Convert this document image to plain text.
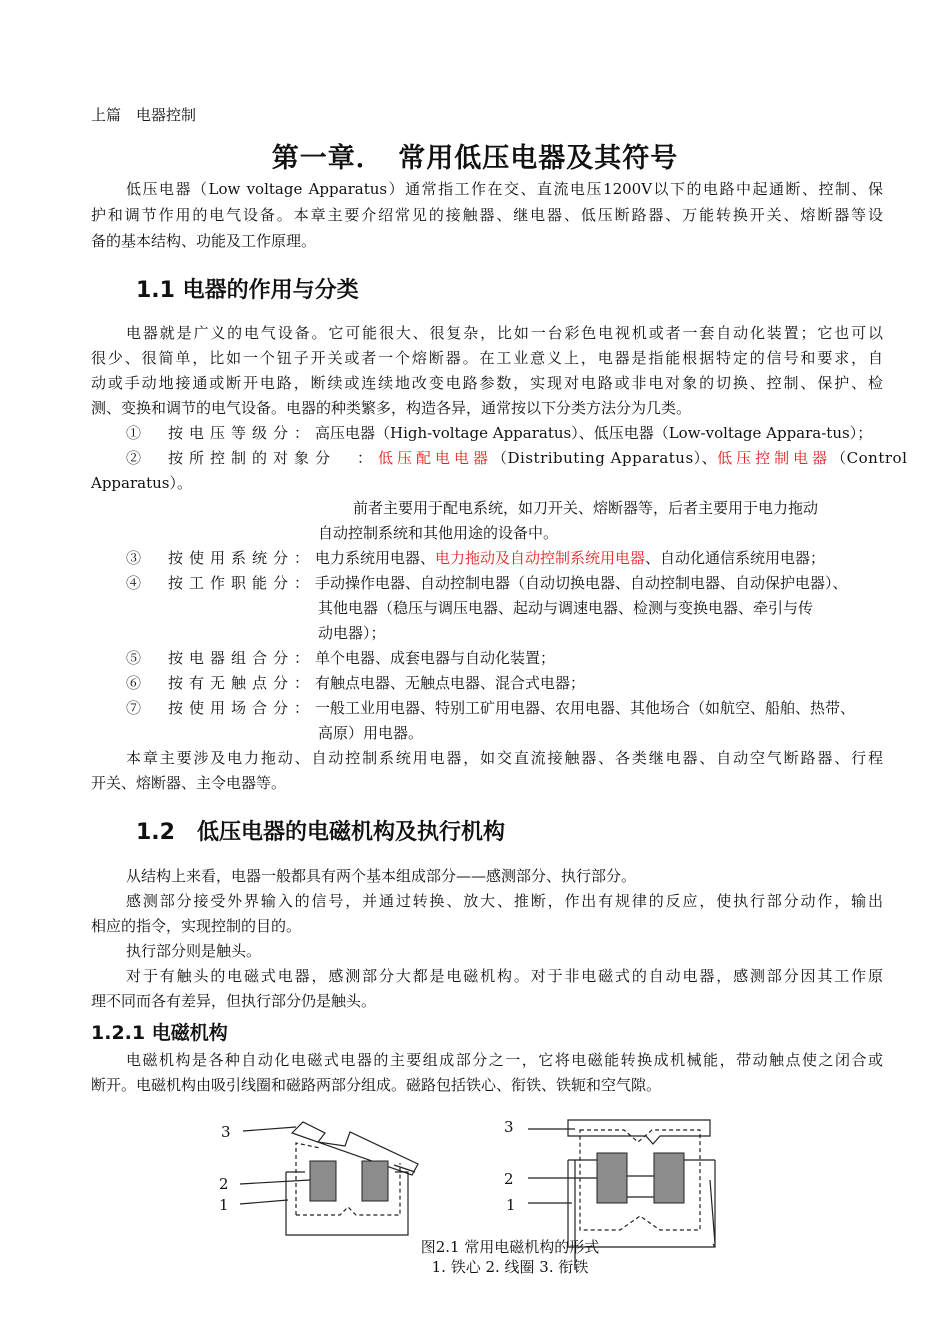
上篇　电器控制
第一章．　常用低压电器及其符号
低压电器（Low voltage Apparatus）通常指工作在交、直流电压1200V以下的电路中起通断、控制、保
护和调节作用的电气设备。本章主要介绍常见的接触器、继电器、低压断路器、万能转换开关、熔断器等设
备的基本结构、功能及工作原理。
1.1 电器的作用与分类
电器就是广义的电气设备。它可能很大、很复杂，比如一台彩色电视机或者一套自动化装置；它也可以
很少、很简单，比如一个钮子开关或者一个熔断器。在工业意义上，电器是指能根据特定的信号和要求，自
动或手动地接通或断开电路，断续或连续地改变电路参数，实现对电路或非电对象的切换、控制、保护、检
测、变换和调节的电气设备。电器的种类繁多，构造各异，通常按以下分类方法分为几类。
①　按电压等级分：高压电器（High-voltage Apparatus）、低压电器（Low-voltage Appara-tus）；
②　按所控制的对象分　：低压配电电器（Distributing Apparatus）、低压控制电器（Control
Apparatus）。
前者主要用于配电系统，如刀开关、熔断器等，后者主要用于电力拖动
自动控制系统和其他用途的设备中。
③　按使用系统分：电力系统用电器、电力拖动及自动控制系统用电器、自动化通信系统用电器；
④　按工作职能分：手动操作电器、自动控制电器（自动切换电器、自动控制电器、自动保护电器）、
其他电器（稳压与调压电器、起动与调速电器、检测与变换电器、牵引与传
动电器）；
⑤　按电器组合分：单个电器、成套电器与自动化装置；
⑥　按有无触点分：有触点电器、无触点电器、混合式电器；
⑦　按使用场合分：一般工业用电器、特别工矿用电器、农用电器、其他场合（如航空、船舶、热带、
高原）用电器。
本章主要涉及电力拖动、自动控制系统用电器，如交直流接触器、各类继电器、自动空气断路器、行程
开关、熔断器、主令电器等。
1.2　低压电器的电磁机构及执行机构
从结构上来看，电器一般都具有两个基本组成部分——感测部分、执行部分。
感测部分接受外界输入的信号，并通过转换、放大、推断，作出有规律的反应，使执行部分动作，输出
相应的指令，实现控制的目的。
执行部分则是触头。
对于有触头的电磁式电器，感测部分大都是电磁机构。对于非电磁式的自动电器，感测部分因其工作原
理不同而各有差异，但执行部分仍是触头。
1.2.1 电磁机构
电磁机构是各种自动化电磁式电器的主要组成部分之一，它将电磁能转换成机械能，带动触点使之闭合或
断开。电磁机构由吸引线圈和磁路两部分组成。磁路包括铁心、衔铁、铁轭和空气隙。
3
2
1
3
2
1
图2.1 常用电磁机构的形式
1. 铁心 2. 线圈 3. 衔铁
